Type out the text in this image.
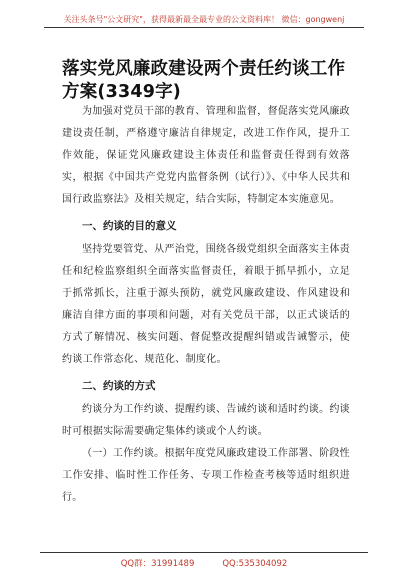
关注头条号"公文研究"，获得最新最全最专业的公文资料库！ 微信：gongwenj
落实党风廉政建设两个责任约谈工作方案(3349字)

为加强对党员干部的教育、管理和监督，督促落实党风廉政建设责任制，严格遵守廉洁自律规定，改进工作作风，提升工作效能，保证党风廉政建设主体责任和监督责任得到有效落实，根据《中国共产党党内监督条例（试行）》、《中华人民共和国行政监察法》及相关规定，结合实际，特制定本实施意见。

一、约谈的目的意义

坚持党要管党、从严治党，围绕各级党组织全面落实主体责任和纪检监察组织全面落实监督责任，着眼于抓早抓小，立足于抓常抓长，注重于源头预防，就党风廉政建设、作风建设和廉洁自律方面的事项和问题，对有关党员干部，以正式谈话的方式了解情况、核实问题、督促整改提醒纠错或告诫警示，使约谈工作常态化、规范化、制度化。

二、约谈的方式

约谈分为工作约谈、提醒约谈、告诫约谈和适时约谈。约谈时可根据实际需要确定集体约谈或个人约谈。

（一）工作约谈。根据年度党风廉政建设工作部署、阶段性工作安排、临时性工作任务、专项工作检查考核等适时组织进行。

QQ群：31991489	QQ:535304092
